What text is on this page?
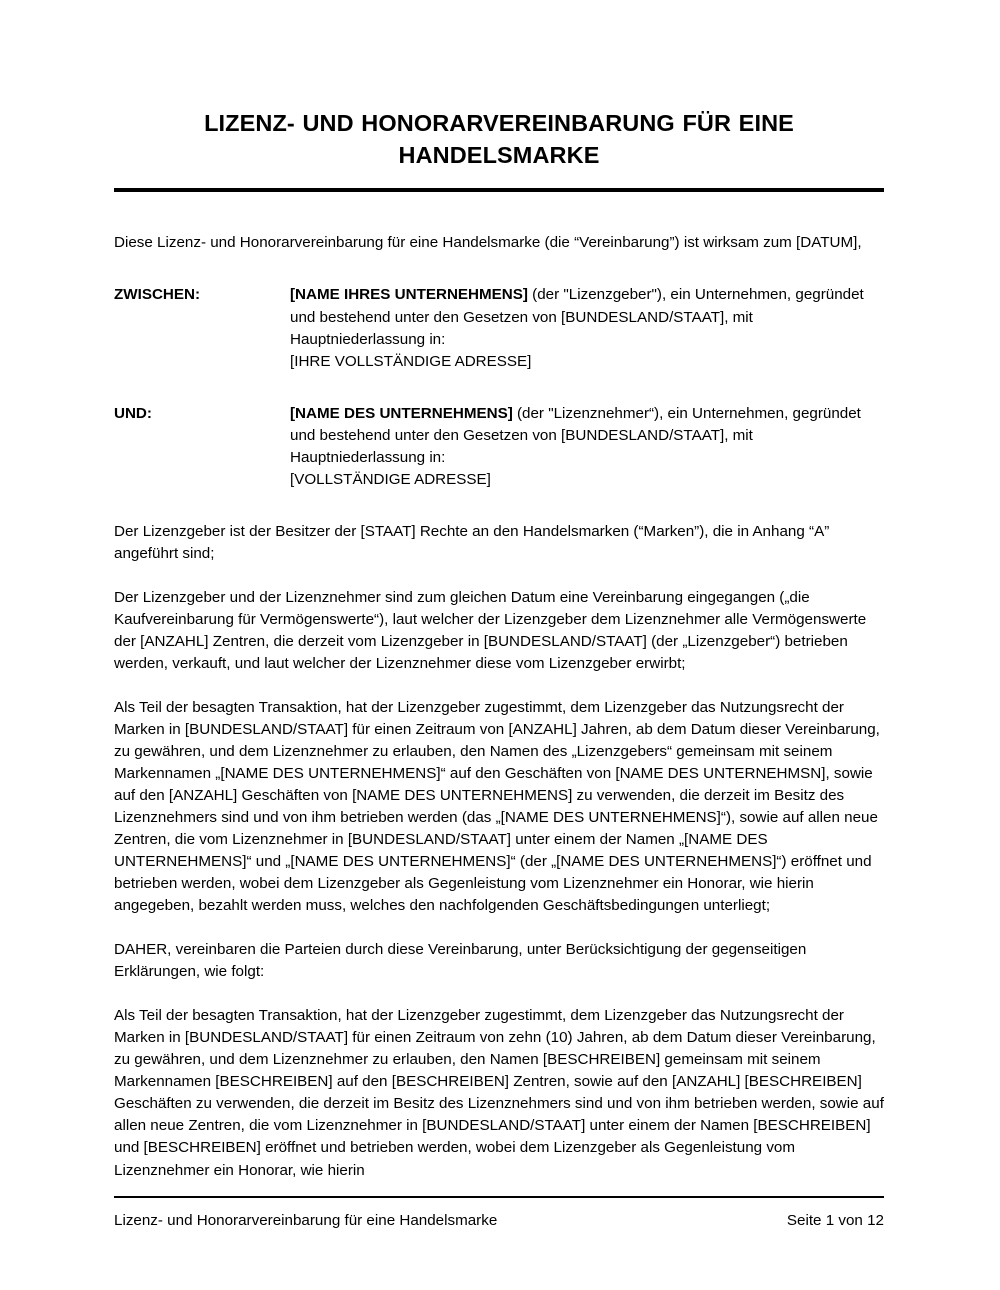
LIZENZ- UND HONORARVEREINBARUNG FÜR EINE HANDELSMARKE

Diese Lizenz- und Honorarvereinbarung für eine Handelsmarke (die “Vereinbarung”) ist wirksam zum [DATUM],

ZWISCHEN:	[NAME IHRES UNTERNEHMENS] (der "Lizenzgeber"), ein Unternehmen, gegründet und bestehend unter den Gesetzen von [BUNDESLAND/STAAT], mit Hauptniederlassung in:

[IHRE VOLLSTÄNDIGE ADRESSE]

UND:	[NAME DES UNTERNEHMENS] (der "Lizenznehmer“), ein Unternehmen, gegründet und bestehend unter den Gesetzen von [BUNDESLAND/STAAT], mit Hauptniederlassung in:

[VOLLSTÄNDIGE ADRESSE]

Der Lizenzgeber ist der Besitzer der [STAAT] Rechte an den Handelsmarken (“Marken”), die in Anhang “A” angeführt sind;

Der Lizenzgeber und der Lizenznehmer sind zum gleichen Datum eine Vereinbarung eingegangen („die Kaufvereinbarung für Vermögenswerte“), laut welcher der Lizenzgeber dem Lizenznehmer alle Vermögenswerte der [ANZAHL] Zentren, die derzeit vom Lizenzgeber in [BUNDESLAND/STAAT] (der „Lizenzgeber“) betrieben werden, verkauft, und laut welcher der Lizenznehmer diese vom Lizenzgeber erwirbt;

Als Teil der besagten Transaktion, hat der Lizenzgeber zugestimmt, dem Lizenzgeber das Nutzungsrecht der Marken in [BUNDESLAND/STAAT] für einen Zeitraum von [ANZAHL] Jahren, ab dem Datum dieser Vereinbarung, zu gewähren, und dem Lizenznehmer zu erlauben, den Namen des „Lizenzgebers“ gemeinsam mit seinem Markennamen „[NAME DES UNTERNEHMENS]“ auf den Geschäften von [NAME DES UNTERNEHMSN], sowie auf den [ANZAHL] Geschäften von [NAME DES UNTERNEHMENS] zu verwenden, die derzeit im Besitz des Lizenznehmers sind und von ihm betrieben werden (das „[NAME DES UNTERNEHMENS]“), sowie auf allen neue Zentren, die vom Lizenznehmer in [BUNDESLAND/STAAT] unter einem der Namen „[NAME DES UNTERNEHMENS]“ und „[NAME DES UNTERNEHMENS]“ (der „[NAME DES UNTERNEHMENS]“) eröffnet und betrieben werden, wobei dem Lizenzgeber als Gegenleistung vom Lizenznehmer ein Honorar, wie hierin angegeben, bezahlt werden muss, welches den nachfolgenden Geschäftsbedingungen unterliegt;

DAHER, vereinbaren die Parteien durch diese Vereinbarung, unter Berücksichtigung der gegenseitigen Erklärungen, wie folgt:

Als Teil der besagten Transaktion, hat der Lizenzgeber zugestimmt, dem Lizenzgeber das Nutzungsrecht der Marken in [BUNDESLAND/STAAT] für einen Zeitraum von zehn (10) Jahren, ab dem Datum dieser Vereinbarung, zu gewähren, und dem Lizenznehmer zu erlauben, den Namen [BESCHREIBEN] gemeinsam mit seinem Markennamen [BESCHREIBEN] auf den [BESCHREIBEN] Zentren, sowie auf den [ANZAHL] [BESCHREIBEN] Geschäften zu verwenden, die derzeit im Besitz des Lizenznehmers sind und von ihm betrieben werden, sowie auf allen neue Zentren, die vom Lizenznehmer in [BUNDESLAND/STAAT] unter einem der Namen [BESCHREIBEN] und [BESCHREIBEN] eröffnet und betrieben werden, wobei dem Lizenzgeber als Gegenleistung vom Lizenznehmer ein Honorar, wie hierin

Lizenz- und Honorarvereinbarung für eine Handelsmarke	Seite 1 von 12
